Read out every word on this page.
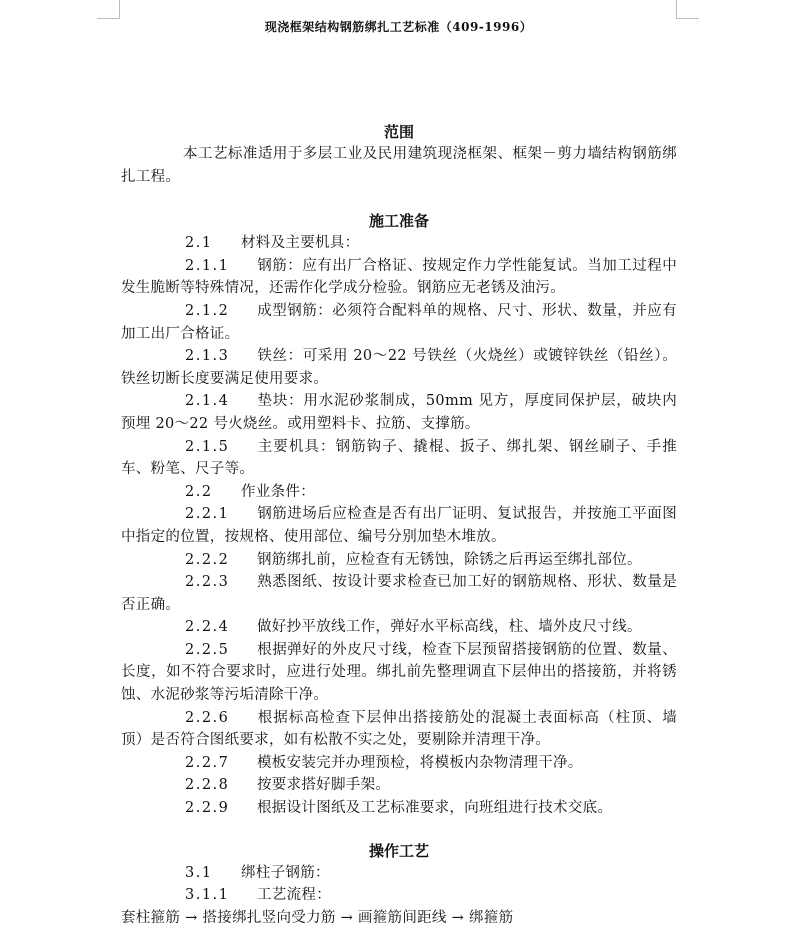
现浇框架结构钢筋绑扎工艺标准（409-1996）
范围

本工艺标准适用于多层工业及民用建筑现浇框架、框架－剪力墙结构钢筋绑扎工程。

施工准备

2.1 材料及主要机具：

2.1.1 钢筋：应有出厂合格证、按规定作力学性能复试。当加工过程中发生脆断等特殊情况，还需作化学成分检验。钢筋应无老锈及油污。

2.1.2 成型钢筋：必须符合配料单的规格、尺寸、形状、数量，并应有加工出厂合格证。

2.1.3 铁丝：可采用 20～22 号铁丝（火烧丝）或镀锌铁丝（铅丝）。铁丝切断长度要满足使用要求。

2.1.4 垫块：用水泥砂浆制成，50mm 见方，厚度同保护层，破块内预埋 20～22 号火烧丝。或用塑料卡、拉筋、支撑筋。

2.1.5 主要机具：钢筋钩子、撬棍、扳子、绑扎架、钢丝刷子、手推车、粉笔、尺子等。

2.2 作业条件：

2.2.1 钢筋进场后应检查是否有出厂证明、复试报告，并按施工平面图中指定的位置，按规格、使用部位、编号分别加垫木堆放。

2.2.2 钢筋绑扎前，应检查有无锈蚀，除锈之后再运至绑扎部位。

2.2.3 熟悉图纸、按设计要求检查已加工好的钢筋规格、形状、数量是否正确。

2.2.4 做好抄平放线工作，弹好水平标高线，柱、墙外皮尺寸线。

2.2.5 根据弹好的外皮尺寸线，检查下层预留搭接钢筋的位置、数量、长度，如不符合要求时，应进行处理。绑扎前先整理调直下层伸出的搭接筋，并将锈蚀、水泥砂浆等污垢清除干净。

2.2.6 根据标高检查下层伸出搭接筋处的混凝土表面标高（柱顶、墙顶）是否符合图纸要求，如有松散不实之处，要剔除并清理干净。

2.2.7 模板安装完并办理预检，将模板内杂物清理干净。

2.2.8 按要求搭好脚手架。

2.2.9 根据设计图纸及工艺标准要求，向班组进行技术交底。

操作工艺

3.1 绑柱子钢筋：

3.1.1 工艺流程：

套柱箍筋 → 搭接绑扎竖向受力筋 → 画箍筋间距线 → 绑箍筋
